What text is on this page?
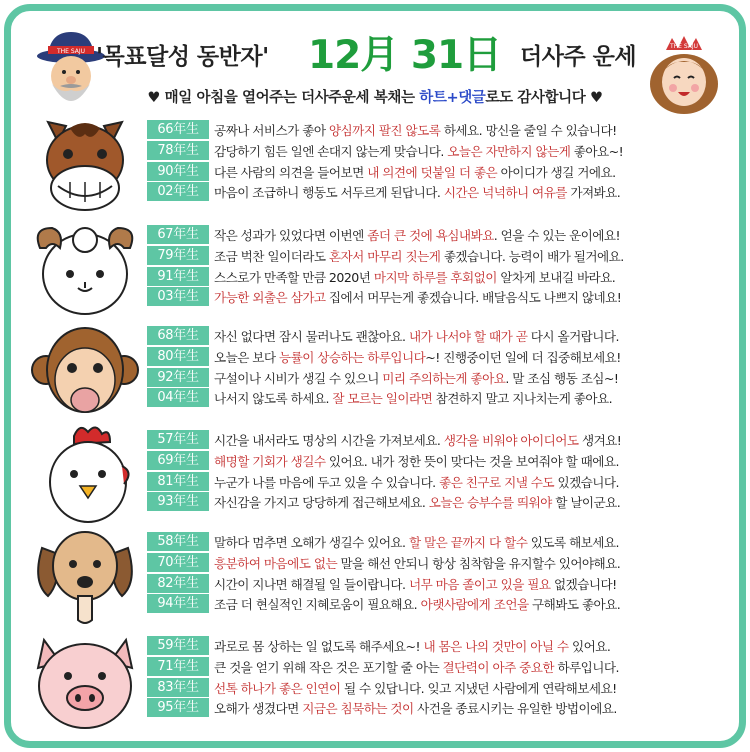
THE SAJU
THE SAJU
'목표달성 동반자' 12月 31日 더사주 운세
♥ 매일 아침을 열어주는 더사주운세 복채는 하트+댓글로도 감사합니다 ♥
66年生	공짜나 서비스가 좋아 양심까지 팔진 않도록 하세요. 망신을 줄일 수 있습니다!
78年生	감당하기 힘든 일엔 손대지 않는게 맞습니다. 오늘은 자만하지 않는게 좋아요~!
90年生	다른 사람의 의견을 들어보면 내 의견에 덧붙일 더 좋은 아이디가 생길 거에요.
02年生	마음이 조급하니 행동도 서두르게 된답니다. 시간은 넉넉하니 여유를 가져봐요.
67年生	작은 성과가 있었다면 이번엔 좀더 큰 것에 욕심내봐요. 얻을 수 있는 운이에요!
79年生	조금 벅찬 일이더라도 혼자서 마무리 짓는게 좋겠습니다. 능력이 배가 될거에요.
91年生	스스로가 만족할 만큼 2020년 마지막 하루를 후회없이 알차게 보내길 바라요.
03年生	가능한 외출은 삼가고 집에서 머무는게 좋겠습니다. 배달음식도 나쁘지 않네요!
68年生	자신 없다면 잠시 물러나도 괜찮아요. 내가 나서야 할 때가 곧 다시 올거랍니다.
80年生	오늘은 보다 능률이 상승하는 하루입니다~! 진행중이던 일에 더 집중해보세요!
92年生	구설이나 시비가 생길 수 있으니 미리 주의하는게 좋아요. 말 조심 행동 조심~!
04年生	나서지 않도록 하세요. 잘 모르는 일이라면 참견하지 말고 지나치는게 좋아요.
57年生	시간을 내서라도 명상의 시간을 가져보세요. 생각을 비워야 아이디어도 생겨요!
69年生	해명할 기회가 생길수 있어요. 내가 정한 뜻이 맞다는 것을 보여줘야 할 때에요.
81年生	누군가 나를 마음에 두고 있을 수 있습니다. 좋은 친구로 지낼 수도 있겠습니다.
93年生	자신감을 가지고 당당하게 접근해보세요. 오늘은 승부수를 띄워야 할 날이군요.
58年生	말하다 멈추면 오해가 생길수 있어요. 할 말은 끝까지 다 할수 있도록 해보세요.
70年生	흥분하여 마음에도 없는 말을 해선 안되니 항상 침착함을 유지할수 있어야해요.
82年生	시간이 지나면 해결될 일 들이랍니다. 너무 마음 졸이고 있을 필요 없겠습니다!
94年生	조금 더 현실적인 지혜로움이 필요해요. 아랫사람에게 조언을 구해봐도 좋아요.
59年生	과로로 몸 상하는 일 없도록 해주세요~! 내 몸은 나의 것만이 아닐 수 있어요.
71年生	큰 것을 얻기 위해 작은 것은 포기할 줄 아는 결단력이 아주 중요한 하루입니다.
83年生	선톡 하나가 좋은 인연이 될 수 있답니다. 잊고 지냈던 사람에게 연락해보세요!
95年生	오해가 생겼다면 지금은 침묵하는 것이 사건을 종료시키는 유일한 방법이에요.
